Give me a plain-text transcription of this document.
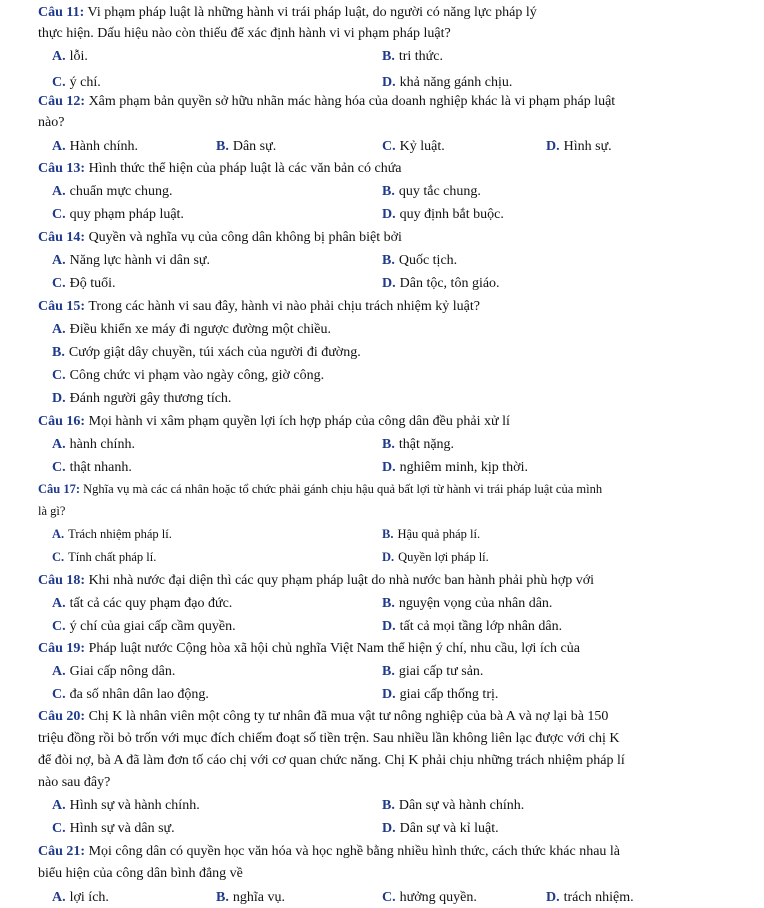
Câu 11: Vi phạm pháp luật là những hành vi trái pháp luật, do người có năng lực pháp lý
thực hiện. Dấu hiệu nào còn thiếu để xác định hành vi vi phạm pháp luật?
A. lỗi.	B. tri thức.
C. ý chí.	D. khả năng gánh chịu.
Câu 12: Xâm phạm bản quyền sở hữu nhãn mác hàng hóa của doanh nghiệp khác là vi phạm pháp luật
nào?
A. Hành chính.	B. Dân sự.	C. Kỷ luật.	D. Hình sự.
Câu 13: Hình thức thể hiện của pháp luật là các văn bản có chứa
A. chuẩn mực chung.	B. quy tắc chung.
C. quy phạm pháp luật.	D. quy định bắt buộc.
Câu 14: Quyền và nghĩa vụ của công dân không bị phân biệt bởi
A. Năng lực hành vi dân sự.	B. Quốc tịch.
C. Độ tuổi.	D. Dân tộc, tôn giáo.
Câu 15: Trong các hành vi sau đây, hành vi nào phải chịu trách nhiệm kỷ luật?
A. Điều khiển xe máy đi ngược đường một chiều.
B. Cướp giật dây chuyền, túi xách của người đi đường.
C. Công chức vi phạm vào ngày công, giờ công.
D. Đánh người gây thương tích.
Câu 16: Mọi hành vi xâm phạm quyền lợi ích hợp pháp của công dân đều phải xử lí
A. hành chính.	B. thật nặng.
C. thật nhanh.	D. nghiêm minh, kịp thời.
Câu 17: Nghĩa vụ mà các cá nhân hoặc tổ chức phải gánh chịu hậu quả bất lợi từ hành vi trái pháp luật của mình
là gì?
A. Trách nhiệm pháp lí.	B. Hậu quả pháp lí.
C. Tính chất pháp lí.	D. Quyền lợi pháp lí.
Câu 18: Khi nhà nước đại diện thì các quy phạm pháp luật do nhà nước ban hành phải phù hợp với
A. tất cả các quy phạm đạo đức.	B. nguyện vọng của nhân dân.
C. ý chí của giai cấp cầm quyền.	D. tất cả mọi tầng lớp nhân dân.
Câu 19: Pháp luật nước Cộng hòa xã hội chủ nghĩa Việt Nam thể hiện ý chí, nhu cầu, lợi ích của
A. Giai cấp nông dân.	B. giai cấp tư sản.
C. đa số nhân dân lao động.	D. giai cấp thống trị.
Câu 20: Chị K là nhân viên một công ty tư nhân đã mua vật tư nông nghiệp của bà A và nợ lại bà 150
triệu đồng rồi bỏ trốn với mục đích chiếm đoạt số tiền trện. Sau nhiều lần không liên lạc được với chị K
để đòi nợ, bà A đã làm đơn tố cáo chị với cơ quan chức năng. Chị K phải chịu những trách nhiệm pháp lí
nào sau đây?
A. Hình sự và hành chính.	B. Dân sự và hành chính.
C. Hình sự và dân sự.	D. Dân sự và kỉ luật.
Câu 21: Mọi công dân có quyền học văn hóa và học nghề bằng nhiều hình thức, cách thức khác nhau là
biểu hiện của công dân bình đẳng về
A. lợi ích.	B. nghĩa vụ.	C. hưởng quyền.	D. trách nhiệm.
